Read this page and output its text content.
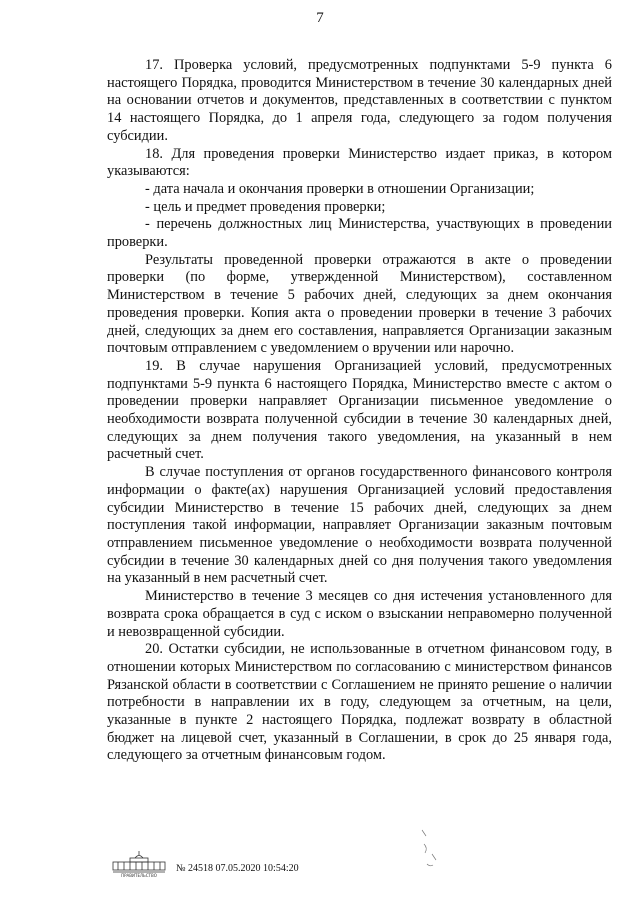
7

17. Проверка условий, предусмотренных подпунктами 5-9 пункта 6 настоящего Порядка, проводится Министерством в течение 30 календарных дней на основании отчетов и документов, представленных в соответствии с пунктом 14 настоящего Порядка, до 1 апреля года, следующего за годом получения субсидии.

18. Для проведения проверки Министерство издает приказ, в котором указываются:

- дата начала и окончания проверки в отношении Организации;

- цель и предмет проведения проверки;

- перечень должностных лиц Министерства, участвующих в проведении проверки.

Результаты проведенной проверки отражаются в акте о проведении проверки (по форме, утвержденной Министерством), составленном Министерством в течение 5 рабочих дней, следующих за днем окончания проведения проверки. Копия акта о проведении проверки в течение 3 рабочих дней, следующих за днем его составления, направляется Организации заказным почтовым отправлением с уведомлением о вручении или нарочно.

19. В случае нарушения Организацией условий, предусмотренных подпунктами 5-9 пункта 6 настоящего Порядка, Министерство вместе с актом о проведении проверки направляет Организации письменное уведомление о необходимости возврата полученной субсидии в течение 30 календарных дней, следующих за днем получения такого уведомления, на указанный в нем расчетный счет.

В случае поступления от органов государственного финансового контроля информации о факте(ах) нарушения Организацией условий предоставления субсидии Министерство в течение 15 рабочих дней, следующих за днем поступления такой информации, направляет Организации заказным почтовым отправлением письменное уведомление о необходимости возврата полученной субсидии в течение 30 календарных дней со дня получения такого уведомления на указанный в нем расчетный счет.

Министерство в течение 3 месяцев со дня истечения установленного для возврата срока обращается в суд с иском о взыскании неправомерно полученной и невозвращенной субсидии.

20. Остатки субсидии, не использованные в отчетном финансовом году, в отношении которых Министерством по согласованию с министерством финансов Рязанской области в соответствии с Соглашением не принято решение о наличии потребности в направлении их в году, следующем за отчетным, на цели, указанные в пункте 2 настоящего Порядка, подлежат возврату в областной бюджет на лицевой счет, указанный в Соглашении, в срок до 25 января года, следующего за отчетным финансовым годом.

ПРАВИТЕЛЬСТВО
№ 24518 07.05.2020 10:54:20
